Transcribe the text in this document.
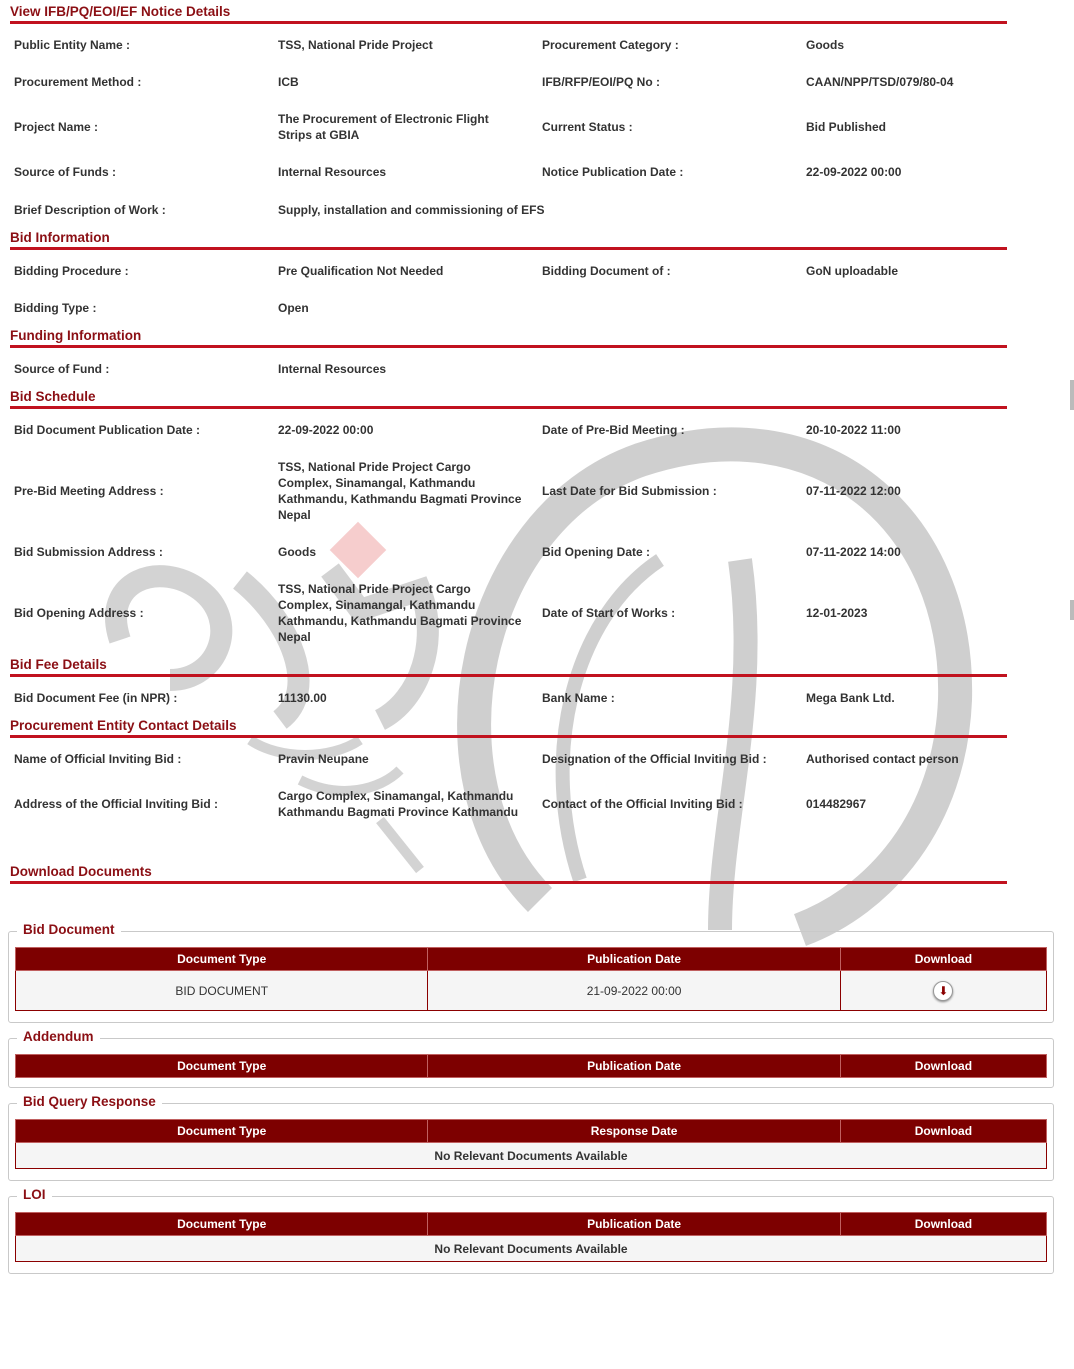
View IFB/PQ/EOI/EF Notice Details
Public Entity Name :	TSS, National Pride Project	Procurement Category :	Goods
Procurement Method :	ICB	IFB/RFP/EOI/PQ No :	CAAN/NPP/TSD/079/80-04
Project Name :
The Procurement of Electronic Flight Strips at GBIA
Current Status :	Bid Published
Source of Funds :	Internal Resources	Notice Publication Date :	22-09-2022 00:00
Brief Description of Work :	Supply, installation and commissioning of EFS
Bid Information
Bidding Procedure :	Pre Qualification Not Needed	Bidding Document of :	GoN uploadable
Bidding Type :	Open
Funding Information
Source of Fund :	Internal Resources
Bid Schedule
Bid Document Publication Date :	22-09-2022 00:00	Date of Pre-Bid Meeting :	20-10-2022 11:00
Pre-Bid Meeting Address :
TSS, National Pride Project Cargo Complex, Sinamangal, Kathmandu Kathmandu, Kathmandu Bagmati Province Nepal
Last Date for Bid Submission :	07-11-2022 12:00
Bid Submission Address :	Goods	Bid Opening Date :	07-11-2022 14:00
Bid Opening Address :
TSS, National Pride Project Cargo Complex, Sinamangal, Kathmandu Kathmandu, Kathmandu Bagmati Province Nepal
Date of Start of Works :	12-01-2023
Bid Fee Details
Bid Document Fee (in NPR) :	11130.00	Bank Name :	Mega Bank Ltd.
Procurement Entity Contact Details
Name of Official Inviting Bid :	Pravin Neupane	Designation of the Official Inviting Bid :	Authorised contact person
Address of the Official Inviting Bid :
Cargo Complex, Sinamangal, Kathmandu Kathmandu Bagmati Province Kathmandu
Contact of the Official Inviting Bid :	014482967
Download Documents
Bid Document
Document Type	Publication Date	Download
BID DOCUMENT	21-09-2022 00:00	⬇
Addendum
Document Type	Publication Date	Download
Bid Query Response
Document Type	Response Date	Download
No Relevant Documents Available
LOI
Document Type	Publication Date	Download
No Relevant Documents Available
